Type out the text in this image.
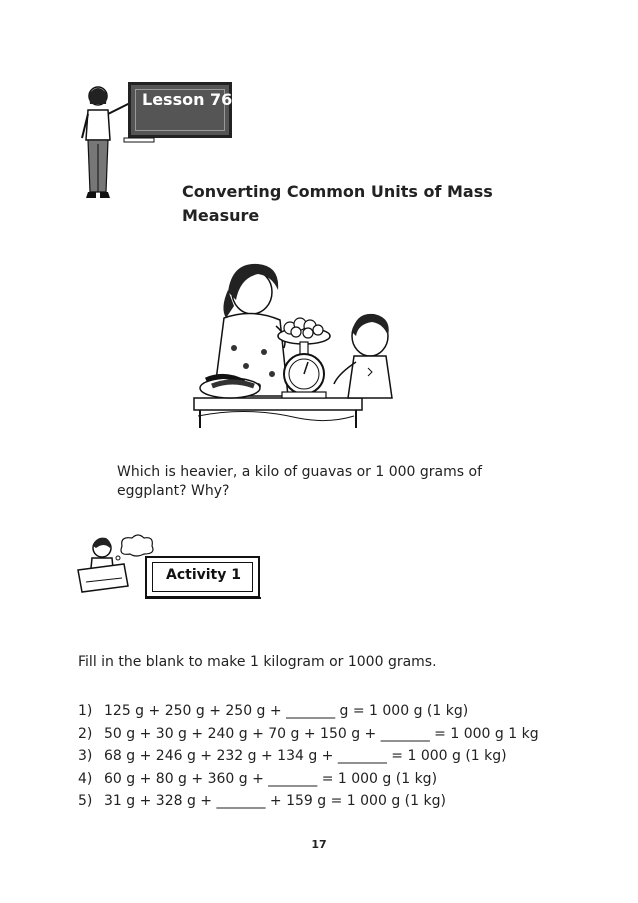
Lesson 76
Converting Common Units of Mass
Measure
Which is heavier, a kilo of guavas or 1 000 grams of
eggplant? Why?
Activity 1
Fill in the blank to make 1 kilogram or 1000 grams.
1) 125 g + 250 g + 250 g + _______ g = 1 000 g (1 kg)
2) 50 g + 30 g + 240 g + 70 g + 150 g + _______ = 1 000 g 1 kg
3) 68 g + 246 g + 232 g + 134 g + _______ = 1 000 g (1 kg)
4) 60 g + 80 g + 360 g + _______ = 1 000 g (1 kg)
5) 31 g + 328 g + _______ + 159 g = 1 000 g (1 kg)
17
